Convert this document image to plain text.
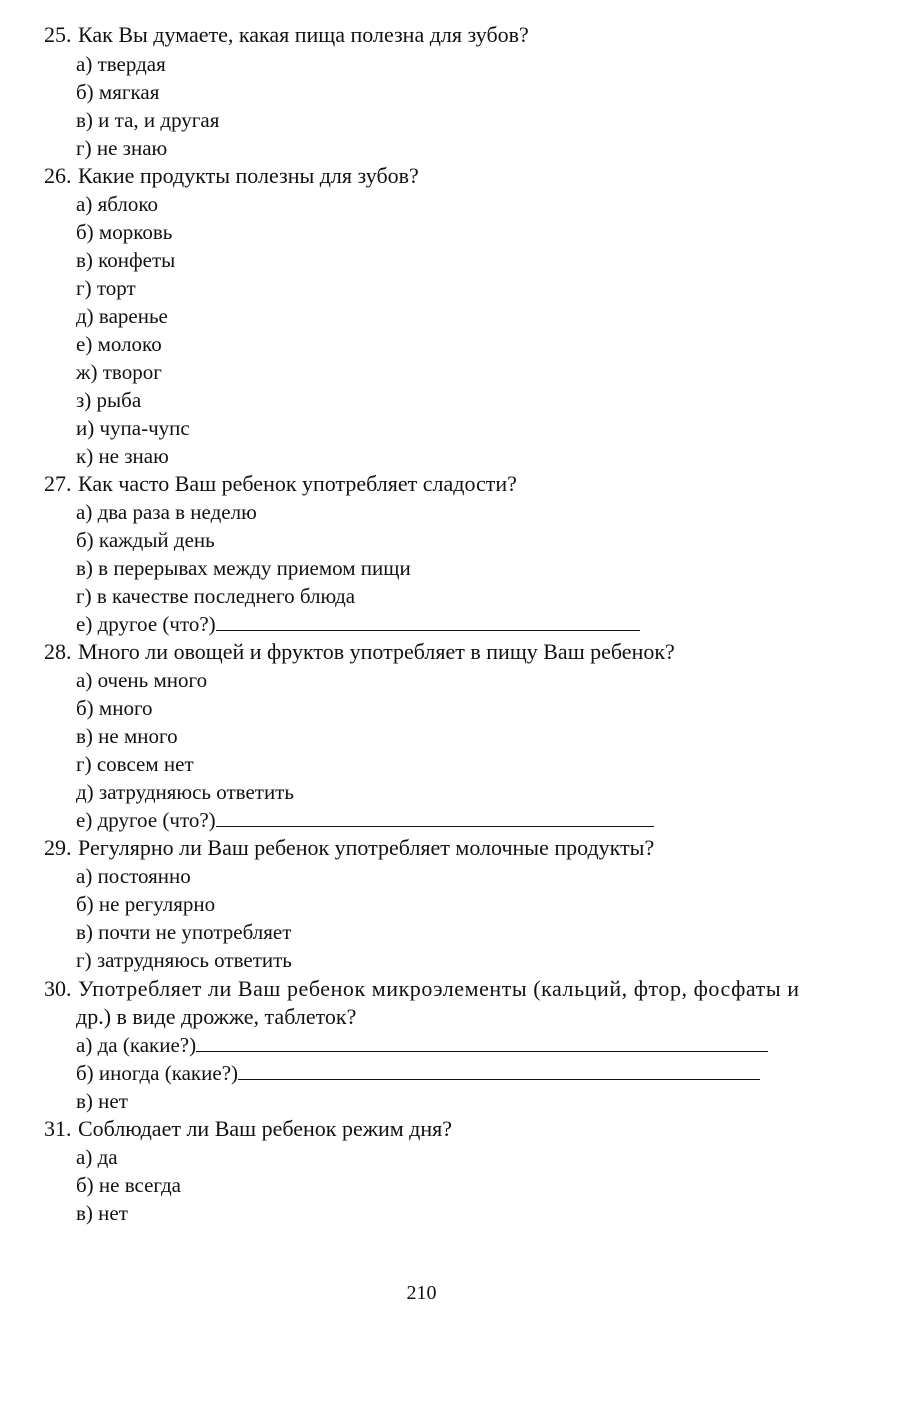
25. Как Вы думаете, какая пища полезна для зубов?
а) твердая
б) мягкая
в) и та, и другая
г) не знаю
26. Какие продукты полезны для зубов?
а) яблоко
б) морковь
в) конфеты
г) торт
д) варенье
е) молоко
ж) творог
з) рыба
и) чупа-чупс
к) не знаю
27. Как часто Ваш ребенок употребляет сладости?
а) два раза в неделю
б) каждый день
в) в перерывах между приемом пищи
г) в качестве последнего блюда
е) другое (что?)
28. Много ли овощей и фруктов употребляет в пищу Ваш ребенок?
а) очень много
б) много
в) не много
г) совсем нет
д) затрудняюсь ответить
е) другое (что?)
29. Регулярно ли Ваш ребенок употребляет молочные продукты?
а) постоянно
б) не регулярно
в) почти не употребляет
г) затрудняюсь ответить
30. Употребляет ли Ваш ребенок микроэлементы (кальций, фтор, фосфаты и
др.) в виде дрожже, таблеток?
а) да (какие?)
б) иногда (какие?)
в) нет
31. Соблюдает ли Ваш ребенок режим дня?
а) да
б) не всегда
в) нет
210
